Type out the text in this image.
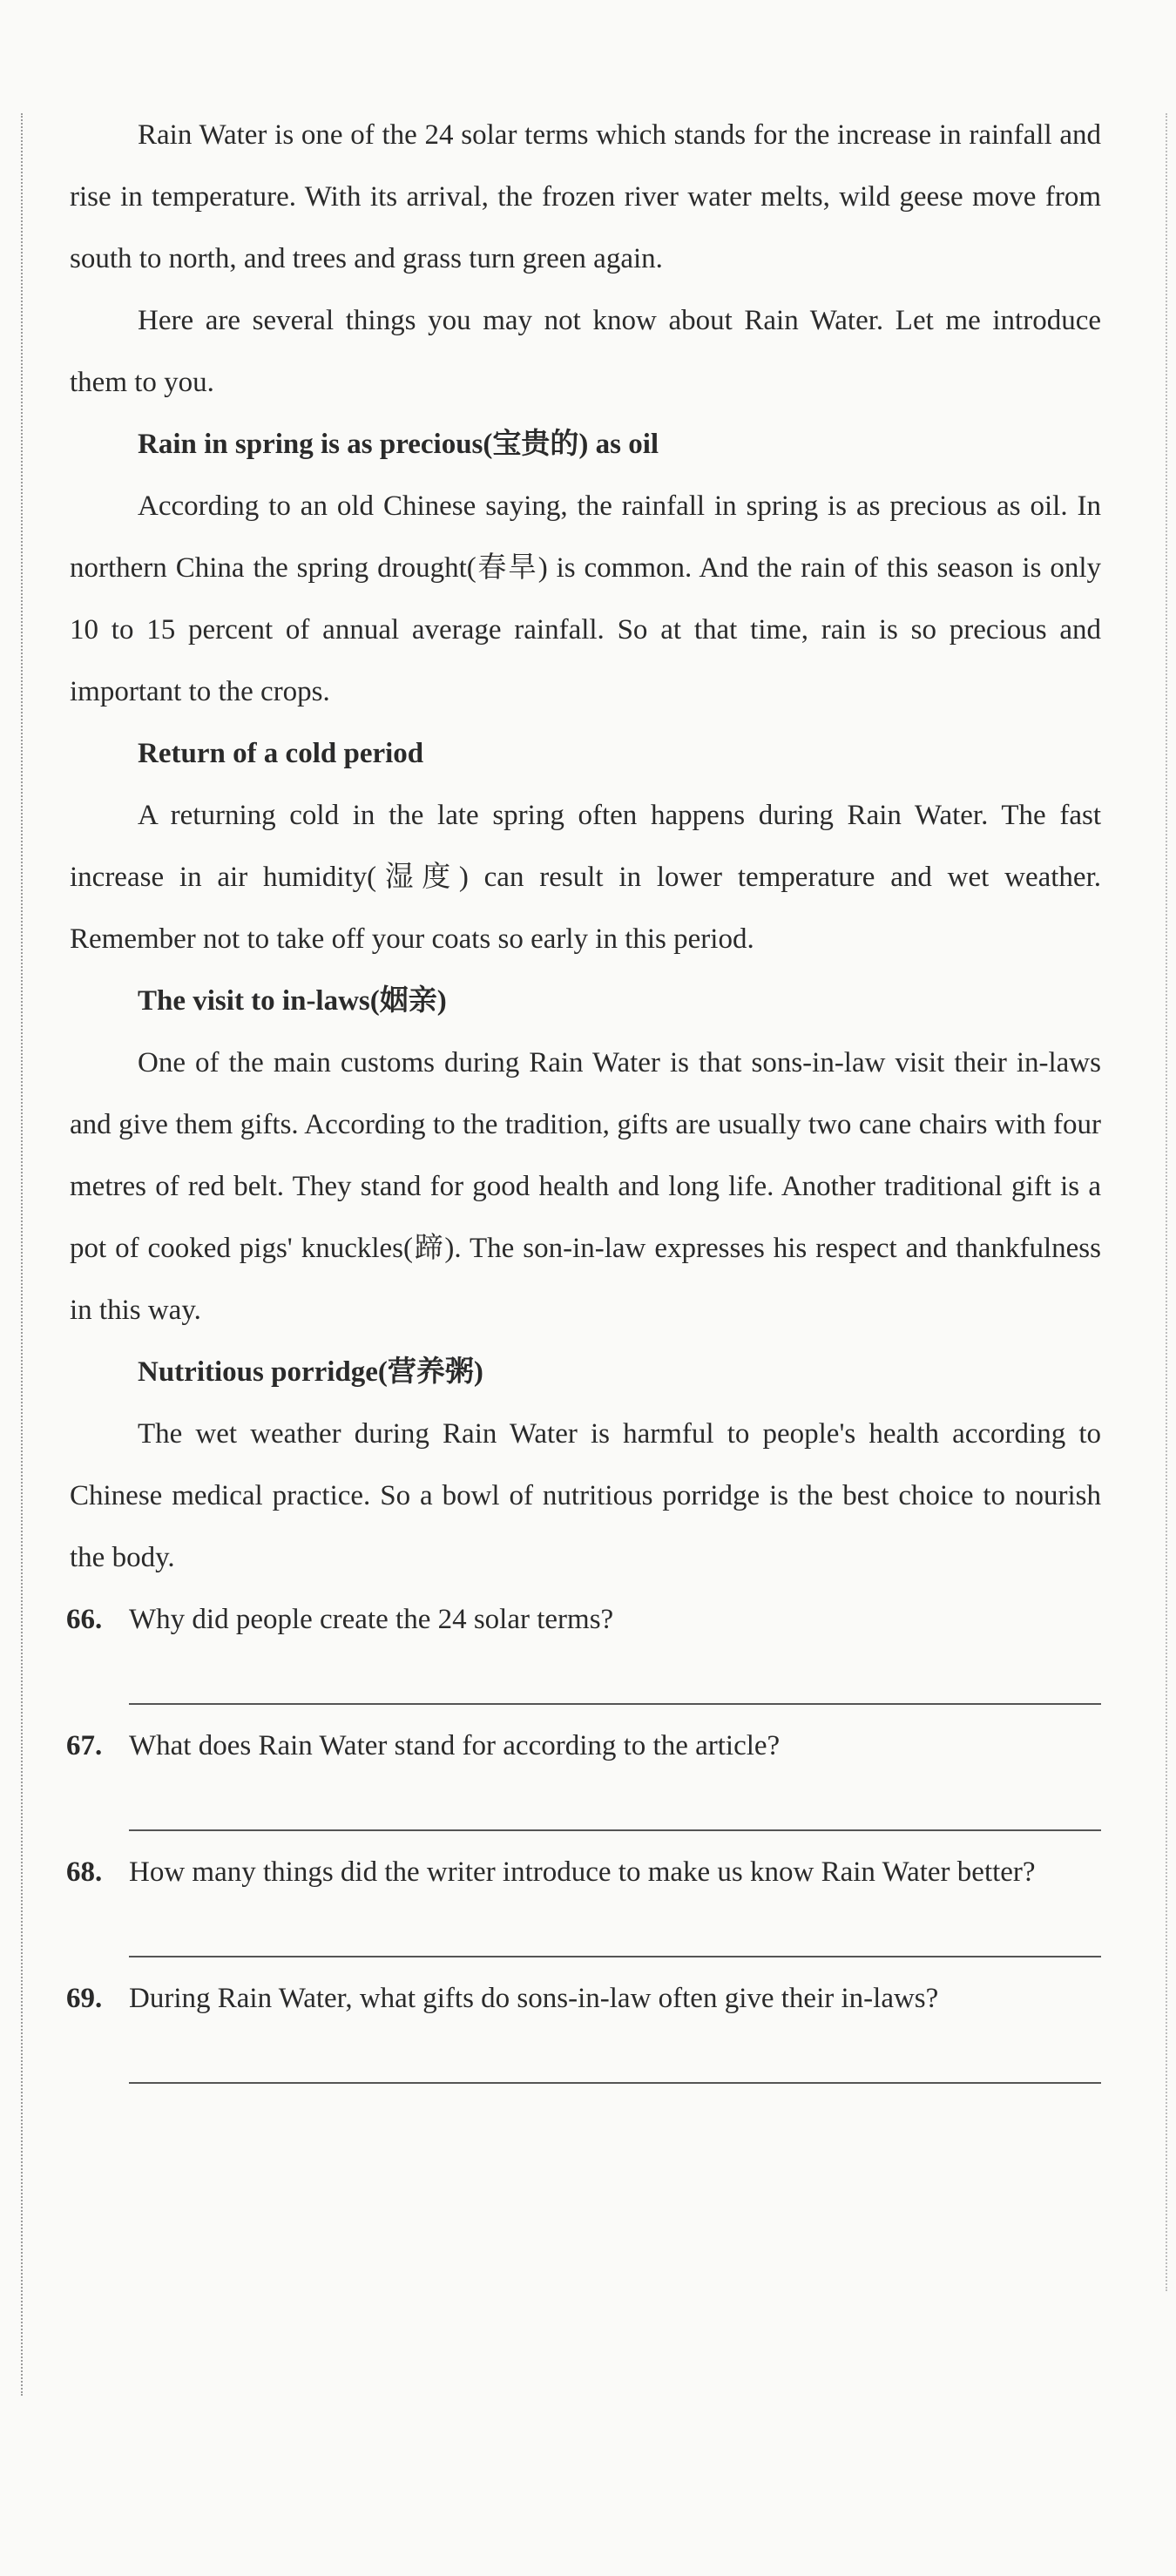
Rain Water is one of the 24 solar terms which stands for the increase in rainfall and rise in temperature. With its arrival, the frozen river water melts, wild geese move from south to north, and trees and grass turn green again.

Here are several things you may not know about Rain Water. Let me introduce them to you.

Rain in spring is as precious(宝贵的) as oil

According to an old Chinese saying, the rainfall in spring is as precious as oil. In northern China the spring drought(春旱) is common. And the rain of this season is only 10 to 15 percent of annual average rainfall. So at that time, rain is so precious and important to the crops.

Return of a cold period

A returning cold in the late spring often happens during Rain Water. The fast increase in air humidity(湿度) can result in lower temperature and wet weather. Remember not to take off your coats so early in this period.

The visit to in-laws(姻亲)

One of the main customs during Rain Water is that sons-in-law visit their in-laws and give them gifts. According to the tradition, gifts are usually two cane chairs with four metres of red belt. They stand for good health and long life. Another traditional gift is a pot of cooked pigs' knuckles(蹄). The son-in-law expresses his respect and thankfulness in this way.

Nutritious porridge(营养粥)

The wet weather during Rain Water is harmful to people's health according to Chinese medical practice. So a bowl of nutritious porridge is the best choice to nourish the body.

66. Why did people create the 24 solar terms?
67. What does Rain Water stand for according to the article?
68. How many things did the writer introduce to make us know Rain Water better?
69. During Rain Water, what gifts do sons-in-law often give their in-laws?
